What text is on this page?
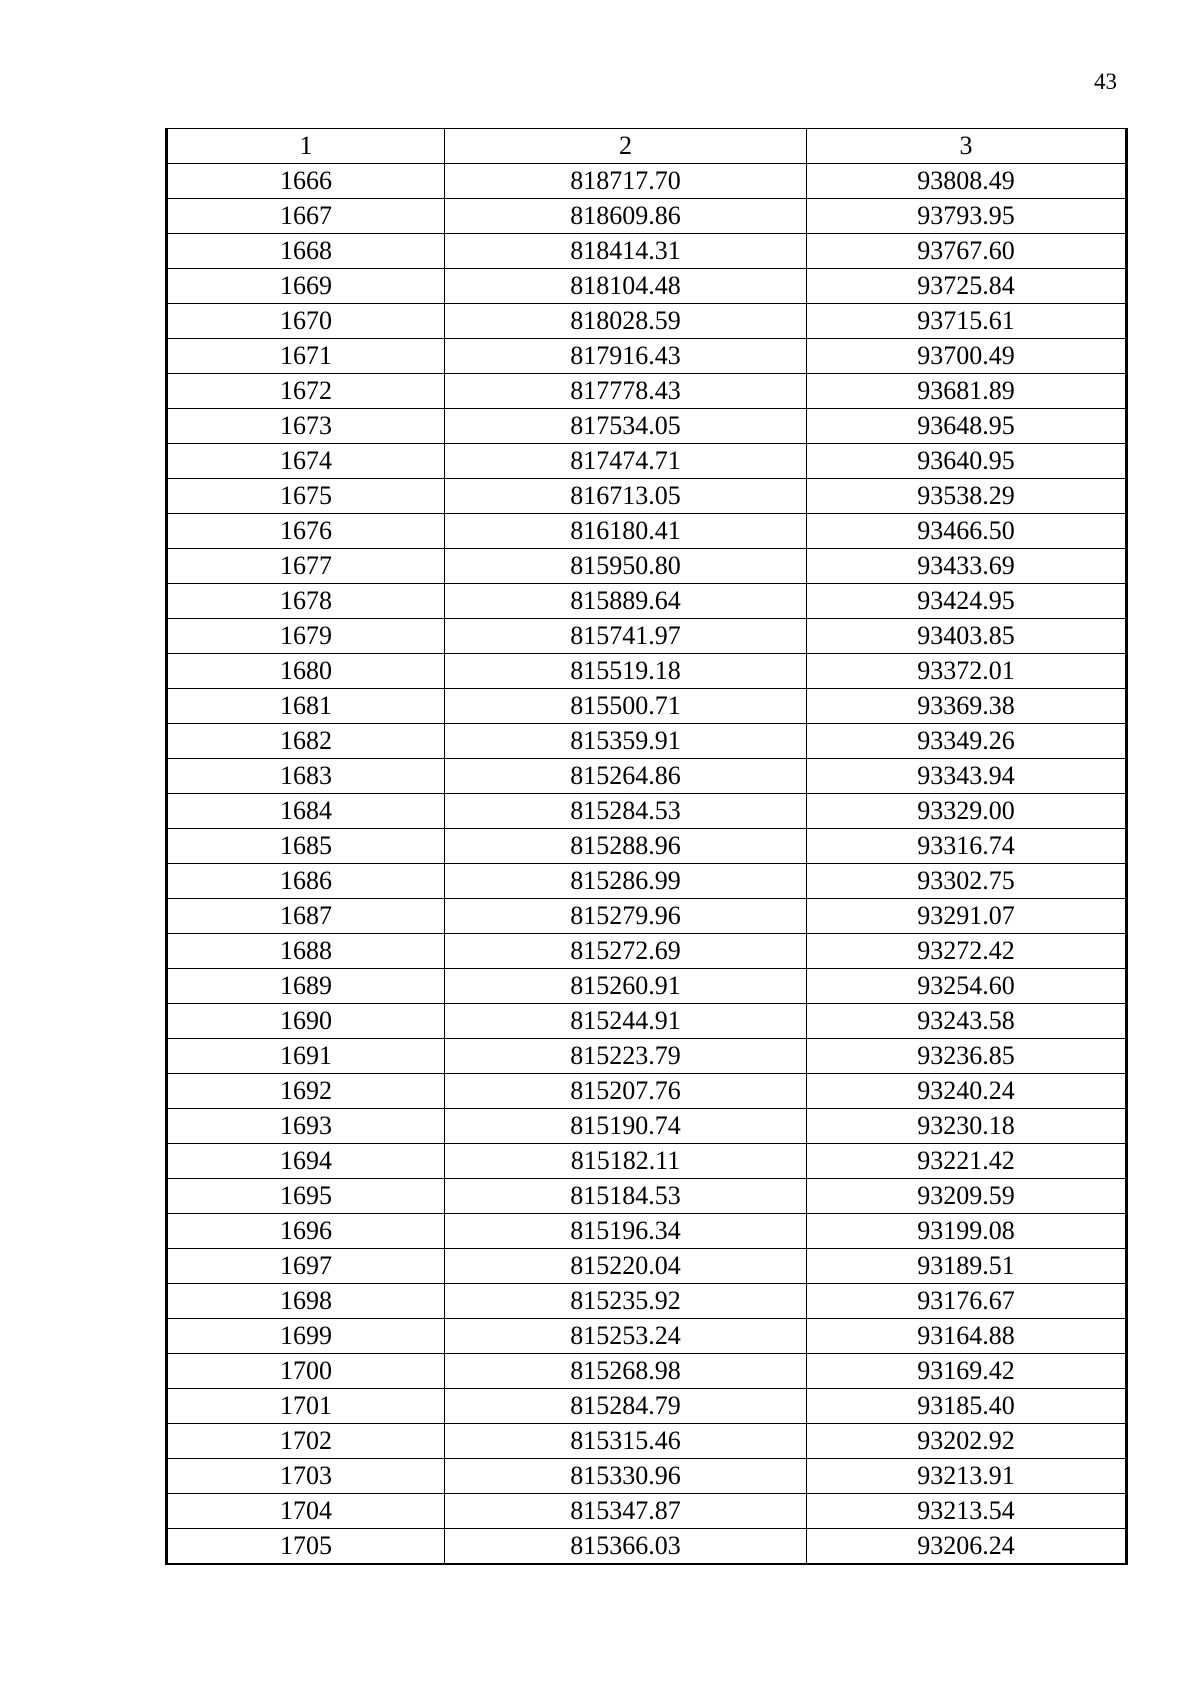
43
1	2	3
1666	818717.70	93808.49
1667	818609.86	93793.95
1668	818414.31	93767.60
1669	818104.48	93725.84
1670	818028.59	93715.61
1671	817916.43	93700.49
1672	817778.43	93681.89
1673	817534.05	93648.95
1674	817474.71	93640.95
1675	816713.05	93538.29
1676	816180.41	93466.50
1677	815950.80	93433.69
1678	815889.64	93424.95
1679	815741.97	93403.85
1680	815519.18	93372.01
1681	815500.71	93369.38
1682	815359.91	93349.26
1683	815264.86	93343.94
1684	815284.53	93329.00
1685	815288.96	93316.74
1686	815286.99	93302.75
1687	815279.96	93291.07
1688	815272.69	93272.42
1689	815260.91	93254.60
1690	815244.91	93243.58
1691	815223.79	93236.85
1692	815207.76	93240.24
1693	815190.74	93230.18
1694	815182.11	93221.42
1695	815184.53	93209.59
1696	815196.34	93199.08
1697	815220.04	93189.51
1698	815235.92	93176.67
1699	815253.24	93164.88
1700	815268.98	93169.42
1701	815284.79	93185.40
1702	815315.46	93202.92
1703	815330.96	93213.91
1704	815347.87	93213.54
1705	815366.03	93206.24
